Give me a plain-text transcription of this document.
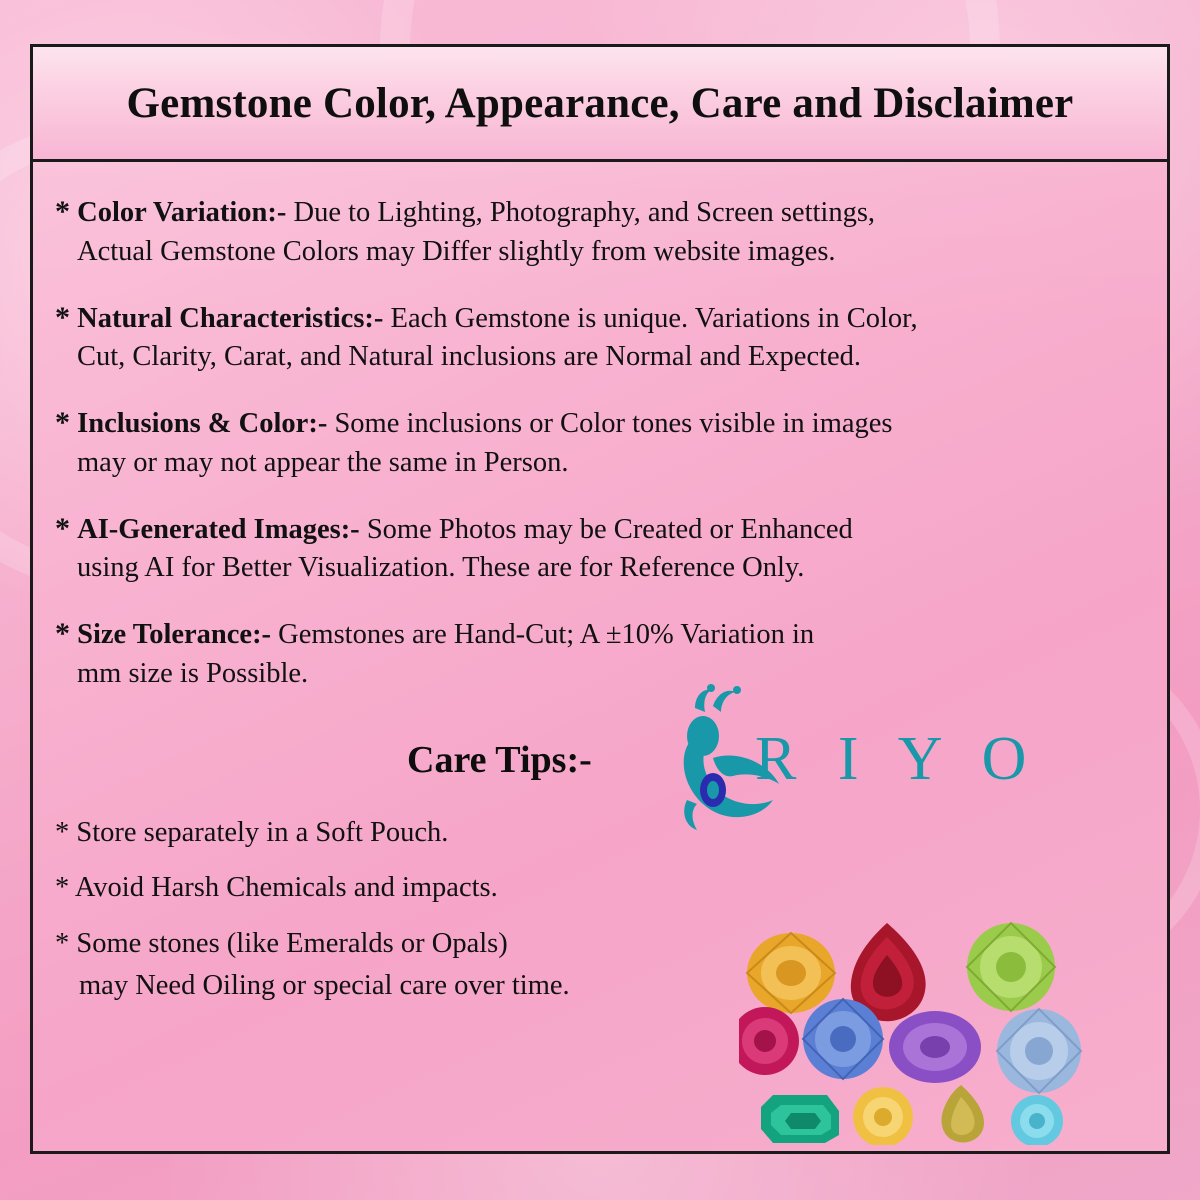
Gemstone Color, Appearance, Care and Disclaimer
* Color Variation:- Due to Lighting, Photography, and Screen settings,
Actual Gemstone Colors may Differ slightly from website images.
* Natural Characteristics:- Each Gemstone is unique. Variations in Color,
Cut, Clarity, Carat, and Natural inclusions are Normal and Expected.
* Inclusions & Color:- Some inclusions or Color tones visible in images
may or may not appear the same in Person.
* AI-Generated Images:- Some Photos may be Created or Enhanced
using AI for Better Visualization. These are for Reference Only.
* Size Tolerance:- Gemstones are Hand-Cut; A ±10% Variation in
mm size is Possible.
Care Tips:-	R I Y O
* Store separately in a Soft Pouch.
* Avoid Harsh Chemicals and impacts.
* Some stones (like Emeralds or Opals)
may Need Oiling or special care over time.
